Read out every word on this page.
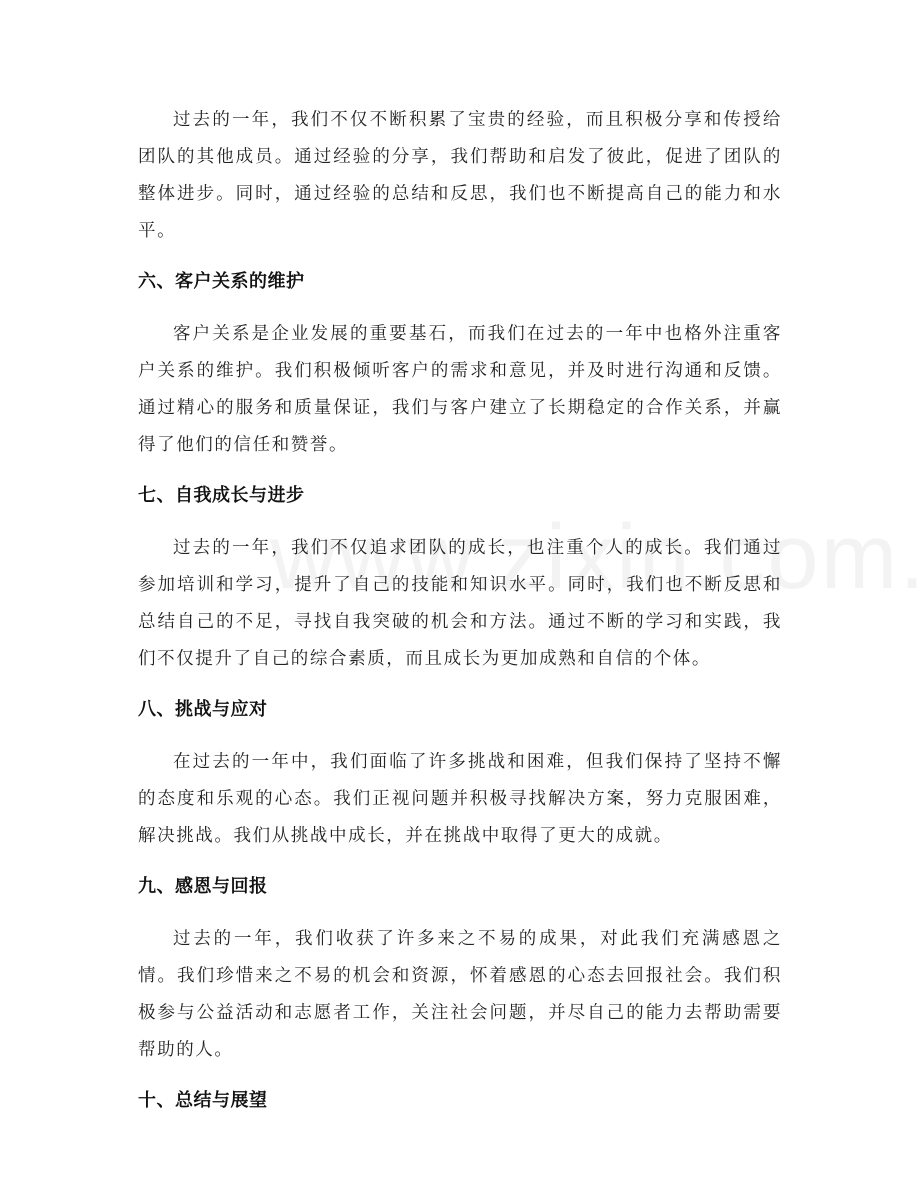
过去的一年，我们不仅不断积累了宝贵的经验，而且积极分享和传授给团队的其他成员。通过经验的分享，我们帮助和启发了彼此，促进了团队的整体进步。同时，通过经验的总结和反思，我们也不断提高自己的能力和水平。

六、客户关系的维护

客户关系是企业发展的重要基石，而我们在过去的一年中也格外注重客户关系的维护。我们积极倾听客户的需求和意见，并及时进行沟通和反馈。通过精心的服务和质量保证，我们与客户建立了长期稳定的合作关系，并赢得了他们的信任和赞誉。

七、自我成长与进步

过去的一年，我们不仅追求团队的成长，也注重个人的成长。我们通过参加培训和学习，提升了自己的技能和知识水平。同时，我们也不断反思和总结自己的不足，寻找自我突破的机会和方法。通过不断的学习和实践，我们不仅提升了自己的综合素质，而且成长为更加成熟和自信的个体。

八、挑战与应对

在过去的一年中，我们面临了许多挑战和困难，但我们保持了坚持不懈的态度和乐观的心态。我们正视问题并积极寻找解决方案，努力克服困难，解决挑战。我们从挑战中成长，并在挑战中取得了更大的成就。

九、感恩与回报

过去的一年，我们收获了许多来之不易的成果，对此我们充满感恩之情。我们珍惜来之不易的机会和资源，怀着感恩的心态去回报社会。我们积极参与公益活动和志愿者工作，关注社会问题，并尽自己的能力去帮助需要帮助的人。

十、总结与展望
